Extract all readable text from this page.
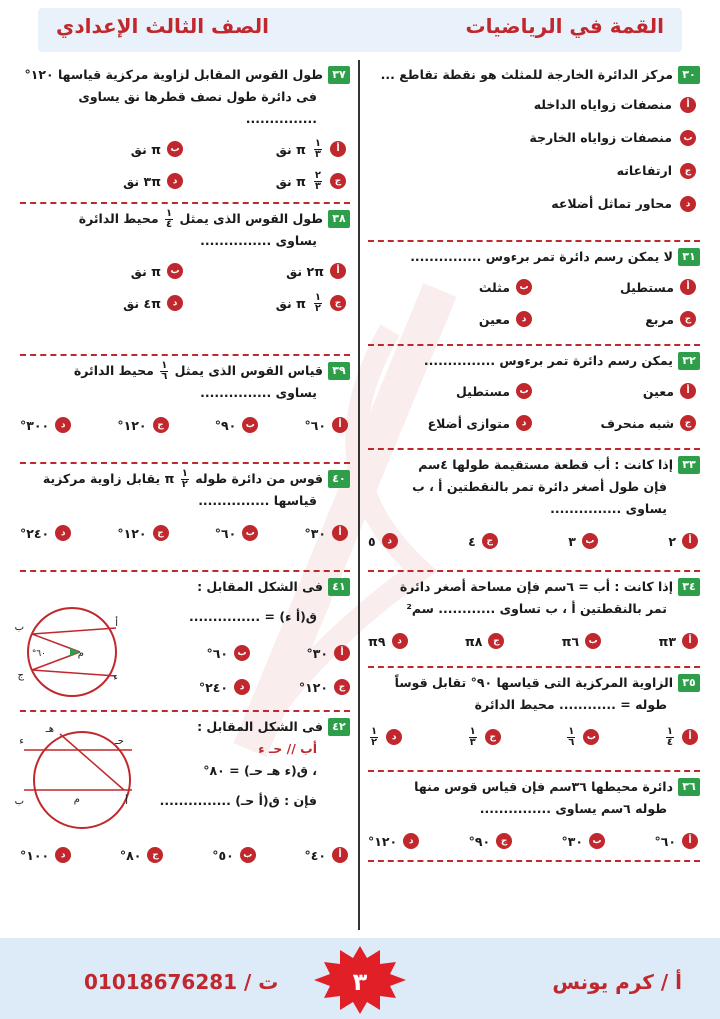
القمة في الرياضيات
الصف الثالث الإعدادي
٣٠
مركز الدائرة الخارجة للمثلث هو نقطة تقاطع ...
أ
منصفات زواياه الداخله
ب
منصفات زواياه الخارجة
ج
ارتفاعاته
د
محاور تماثل أضلاعه
٣١
لا يمكن رسم دائرة تمر برءوس ...............
أ
مستطيل
ب
مثلث
ج
مربع
د
معين
٣٢
يمكن رسم دائرة تمر برءوس ...............
أ
معين
ب
مستطيل
ج
شبه منحرف
د
متوازى أضلاع
٣٣
إذا كانت : أب قطعة مستقيمة طولها ٤سم
فإن طول أصغر دائرة تمر بالنقطتين أ ، ب
يساوى ...............
أ
٢
ب
٣
ج
٤
د
٥
٣٤
إذا كانت : أب = ٦سم فإن مساحة أصغر دائرة
تمر بالنقطتين أ ، ب تساوى ............ سم²
أ
π٣
ب
π٦
ج
π٨
د
π٩
٣٥
الزاوية المركزية التى قياسها ٩٠° تقابل قوساً
طوله = ............ محيط الدائرة
أ
$\frac{١}{٤}$
ب
$\frac{١}{٦}$
ج
$\frac{١}{٣}$
د
$\frac{١}{٢}$
٣٦
دائرة محيطها ٣٦سم فإن قياس قوس منها
طوله ٦سم يساوى ...............
أ
٦٠°
ب
٣٠°
ج
٩٠°
د
١٢٠°
٣٧
طول القوس المقابل لزاوية مركزية قياسها ١٢٠°
فى دائرة طول نصف قطرها نق يساوى ...............
أ
$\frac{١}{٣}$
π نق
ب
π نق
ج
$\frac{٢}{٣}$
π نق
د
٣π نق
٣٨
طول القوس الذى يمثل
$\frac{١}{٤}$
محيط الدائرة
يساوى ...............
أ
٢π نق
ب
π نق
ج
$\frac{١}{٢}$
π نق
د
٤π نق
٣٩
قياس القوس الذى يمثل
$\frac{١}{٦}$
محيط الدائرة
يساوى ...............
أ
٦٠°
ب
٩٠°
ج
١٢٠°
د
٣٠٠°
٤٠
قوس من دائرة طوله
$\frac{١}{٢}$
π يقابل زاوية مركزية
قياسها ...............
أ
٣٠°
ب
٦٠°
ج
١٢٠°
د
٢٤٠°
٤١
فى الشكل المقابل :
ق(أ ء) = ...............
ب
ج
أ
ء
م
٦٠°	أ
٣٠°
ب
٦٠°
ج
١٢٠°
د
٢٤٠°
٤٢
فى الشكل المقابل :
أب // حـ ء
، ق(ء هـ حـ) = ٨٠°
فإن : ق(أ حـ) ...............
هـ
حـ
ء
ب	أ
م
أ
٤٠°
ب
٥٠°
ج
٨٠°
د
١٠٠°
أ / كرم يونس
ت / 01018676281	٣
